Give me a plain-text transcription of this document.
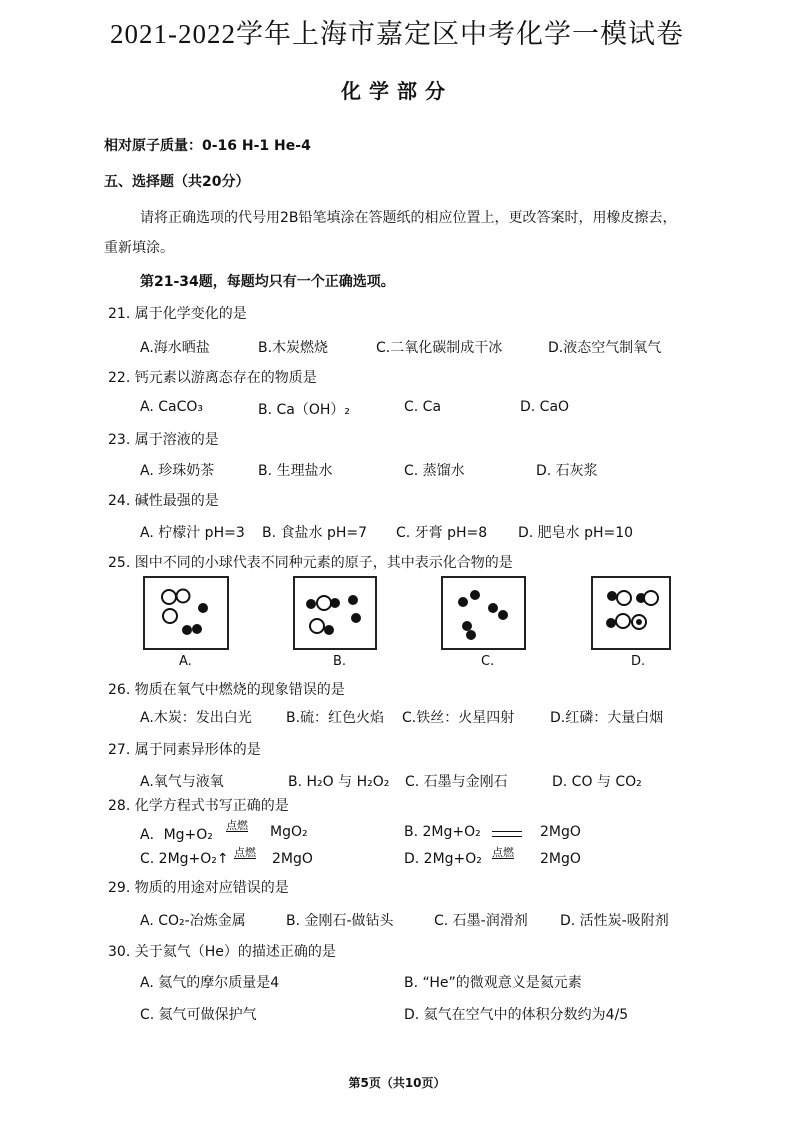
2021-2022学年上海市嘉定区中考化学一模试卷
化学部分
相对原子质量：0-16 H-1 He-4
五、选择题（共20分）
请将正确选项的代号用2B铅笔填涂在答题纸的相应位置上，更改答案时，用橡皮擦去，
重新填涂。
第21-34题，每题均只有一个正确选项。
21. 属于化学变化的是
A.海水晒盐	B.木炭燃烧	C.二氧化碳制成干冰	D.液态空气制氧气
22. 钙元素以游离态存在的物质是
A. CaCO₃	B. Ca（OH）₂	C. Ca	D. CaO
23. 属于溶液的是
A. 珍珠奶茶	B. 生理盐水	C. 蒸馏水	D. 石灰浆
24. 碱性最强的是
A. 柠檬汁 pH=3 B. 食盐水 pH=7 C. 牙膏 pH=8 D. 肥皂水 pH=10
25. 图中不同的小球代表不同种元素的原子，其中表示化合物的是
A.	B.	C.	D.
26. 物质在氧气中燃烧的现象错误的是
A.木炭：发出白光 B.硫：红色火焰 C.铁丝：火星四射	D.红磷：大量白烟
27. 属于同素异形体的是
A.氧气与液氧	B. H₂O 与 H₂O₂ C. 石墨与金刚石	D. CO 与 CO₂
28. 化学方程式书写正确的是
A．Mg+O₂
点燃 MgO₂	B. 2Mg+O₂	2MgO
C. 2Mg+O₂↑ 点燃 2MgO	D. 2Mg+O₂ 点燃 2MgO
29. 物质的用途对应错误的是
A. CO₂-冶炼金属	B. 金刚石-做钻头	C. 石墨-润滑剂 D. 活性炭-吸附剂
30. 关于氦气（He）的描述正确的是
A. 氦气的摩尔质量是4	B. “He”的微观意义是氦元素
C. 氦气可做保护气	D. 氦气在空气中的体积分数约为4/5
第5页（共10页）
